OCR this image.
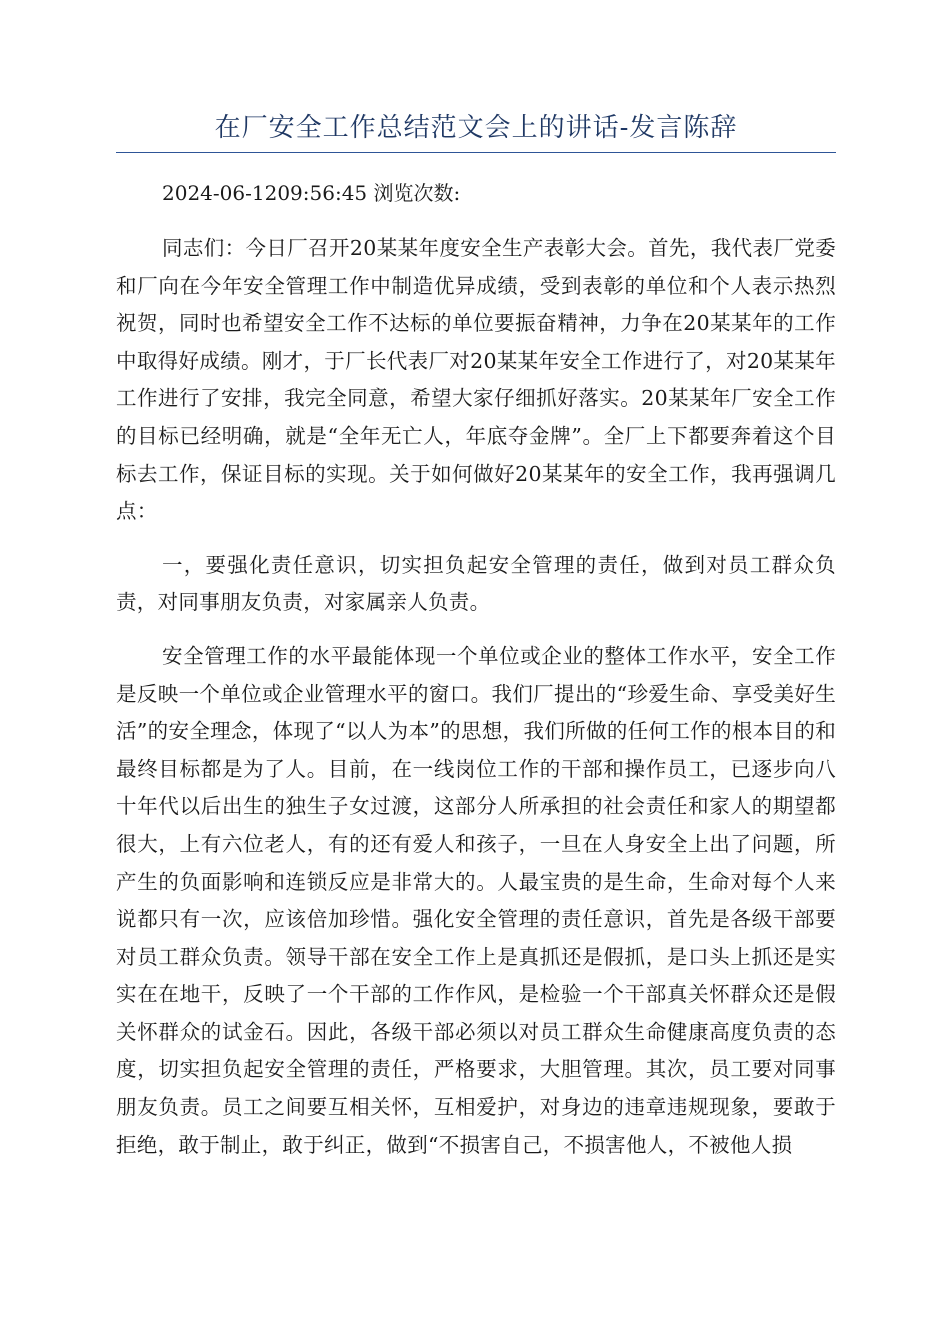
在厂安全工作总结范文会上的讲话-发言陈辞
2024-06-1209:56:45 浏览次数:

同志们：今日厂召开20某某年度安全生产表彰大会。首先，我代表厂党委和厂向在今年安全管理工作中制造优异成绩，受到表彰的单位和个人表示热烈祝贺，同时也希望安全工作不达标的单位要振奋精神，力争在20某某年的工作中取得好成绩。刚才，于厂长代表厂对20某某年安全工作进行了，对20某某年工作进行了安排，我完全同意，希望大家仔细抓好落实。20某某年厂安全工作的目标已经明确，就是“全年无亡人，年底夺金牌”。全厂上下都要奔着这个目标去工作，保证目标的实现。关于如何做好20某某年的安全工作，我再强调几点：

一，要强化责任意识，切实担负起安全管理的责任，做到对员工群众负责，对同事朋友负责，对家属亲人负责。

安全管理工作的水平最能体现一个单位或企业的整体工作水平，安全工作是反映一个单位或企业管理水平的窗口。我们厂提出的“珍爱生命、享受美好生活”的安全理念，体现了“以人为本”的思想，我们所做的任何工作的根本目的和最终目标都是为了人。目前，在一线岗位工作的干部和操作员工，已逐步向八十年代以后出生的独生子女过渡，这部分人所承担的社会责任和家人的期望都很大，上有六位老人，有的还有爱人和孩子，一旦在人身安全上出了问题，所产生的负面影响和连锁反应是非常大的。人最宝贵的是生命，生命对每个人来说都只有一次，应该倍加珍惜。强化安全管理的责任意识，首先是各级干部要对员工群众负责。领导干部在安全工作上是真抓还是假抓，是口头上抓还是实实在在地干，反映了一个干部的工作作风，是检验一个干部真关怀群众还是假关怀群众的试金石。因此，各级干部必须以对员工群众生命健康高度负责的态度，切实担负起安全管理的责任，严格要求，大胆管理。其次，员工要对同事朋友负责。员工之间要互相关怀，互相爱护，对身边的违章违规现象，要敢于拒绝，敢于制止，敢于纠正，做到“不损害自己，不损害他人，不被他人损
